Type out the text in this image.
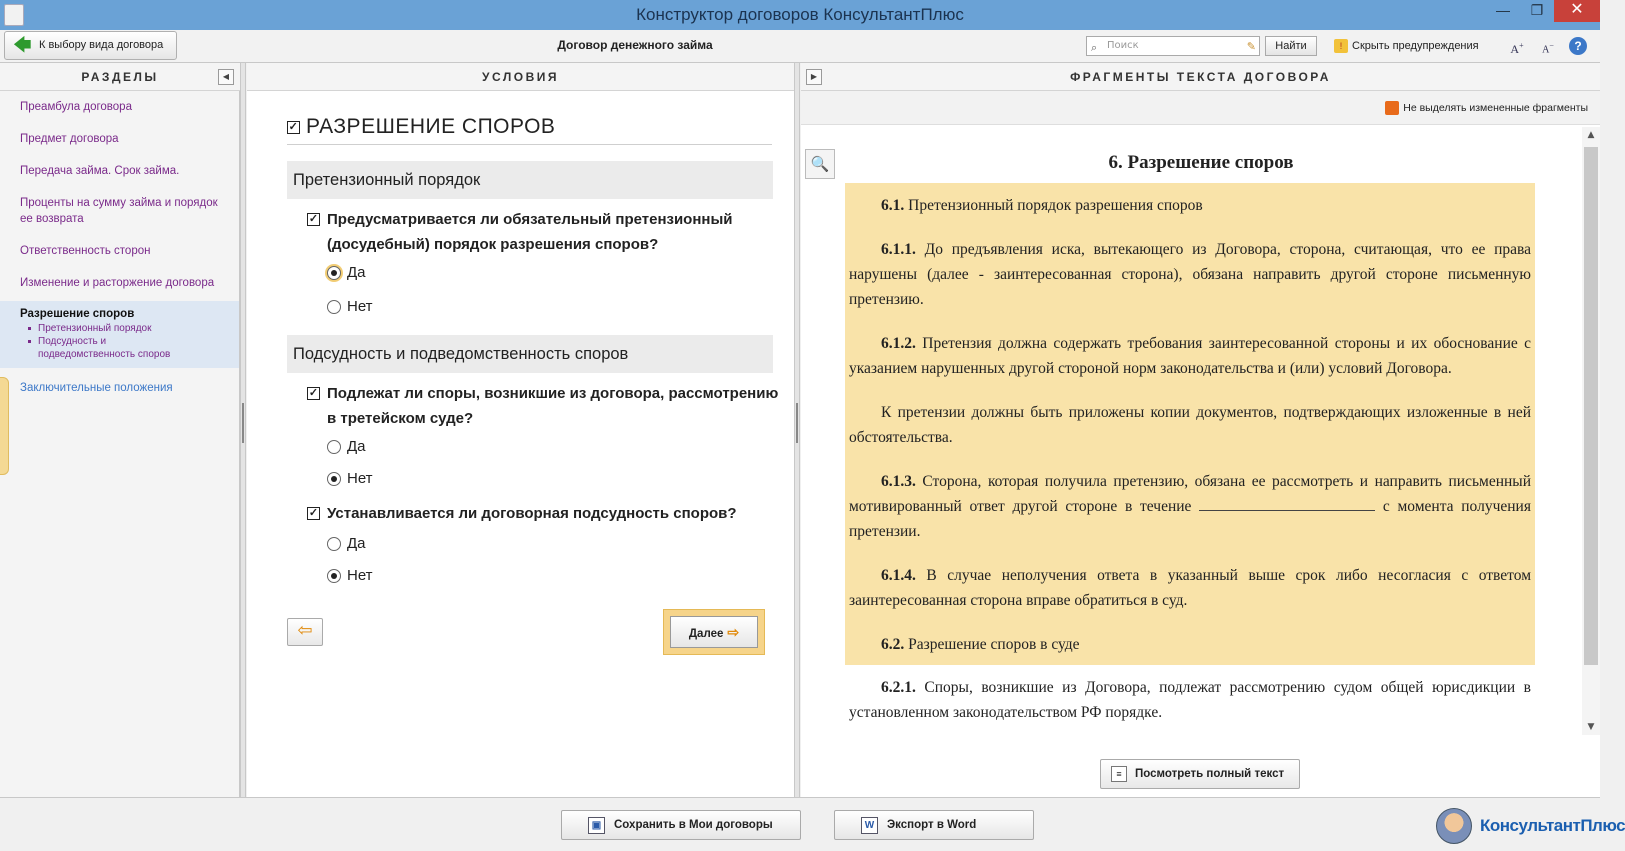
Конструктор договоров КонсультантПлюс	—	❐	✕
🡄 К выбору вида договора	Договор денежного займа	⌕ Поиск	✎	Найти	! Скрыть предупреждения	A+	A−	?
РАЗДЕЛЫ	◀	УСЛОВИЯ	ФРАГМЕНТЫ ТЕКСТА ДОГОВОРА
▶
Преамбула договора
Предмет договора
Передача займа. Срок займа.
Проценты на сумму займа и порядок ее возврата
Ответственность сторон
Изменение и расторжение договора
Разрешение споров
Претензионный порядок
Подсудность и подведомственность споров
Заключительные положения
✓ РАЗРЕШЕНИЕ СПОРОВ
Претензионный порядок
✓ Предусматривается ли обязательный претензионный (досудебный) порядок разрешения споров?
Да
Нет
Подсудность и подведомственность споров
✓ Подлежат ли споры, возникшие из договора, рассмотрению в третейском суде?
Да
Нет
✓ Устанавливается ли договорная подсудность споров?
Да
Нет
⇦	Далее ⇨
Не выделять измененные фрагменты
🔍	6. Разрешение споров

6.1. Претензионный порядок разрешения споров

6.1.1. До предъявления иска, вытекающего из Договора, сторона, считающая, что ее права нарушены (далее - заинтересованная сторона), обязана направить другой стороне письменную претензию.

6.1.2. Претензия должна содержать требования заинтересованной стороны и их обоснование с указанием нарушенных другой стороной норм законодательства и (или) условий Договора.

К претензии должны быть приложены копии документов, подтверждающих изложенные в ней обстоятельства.

6.1.3. Сторона, которая получила претензию, обязана ее рассмотреть и направить письменный мотивированный ответ другой стороне в течение	с момента получения претензии.

6.1.4. В случае неполучения ответа в указанный выше срок либо несогласия с ответом заинтересованная сторона вправе обратиться в суд.

6.2. Разрешение споров в суде

6.2.1. Споры, возникшие из Договора, подлежат рассмотрению судом общей юрисдикции в установленном законодательством РФ порядке.

▲
▼
≡	Посмотреть полный текст
▣	Сохранить в Мои договоры	W	Экспорт в Word	КонсультантПлюс
